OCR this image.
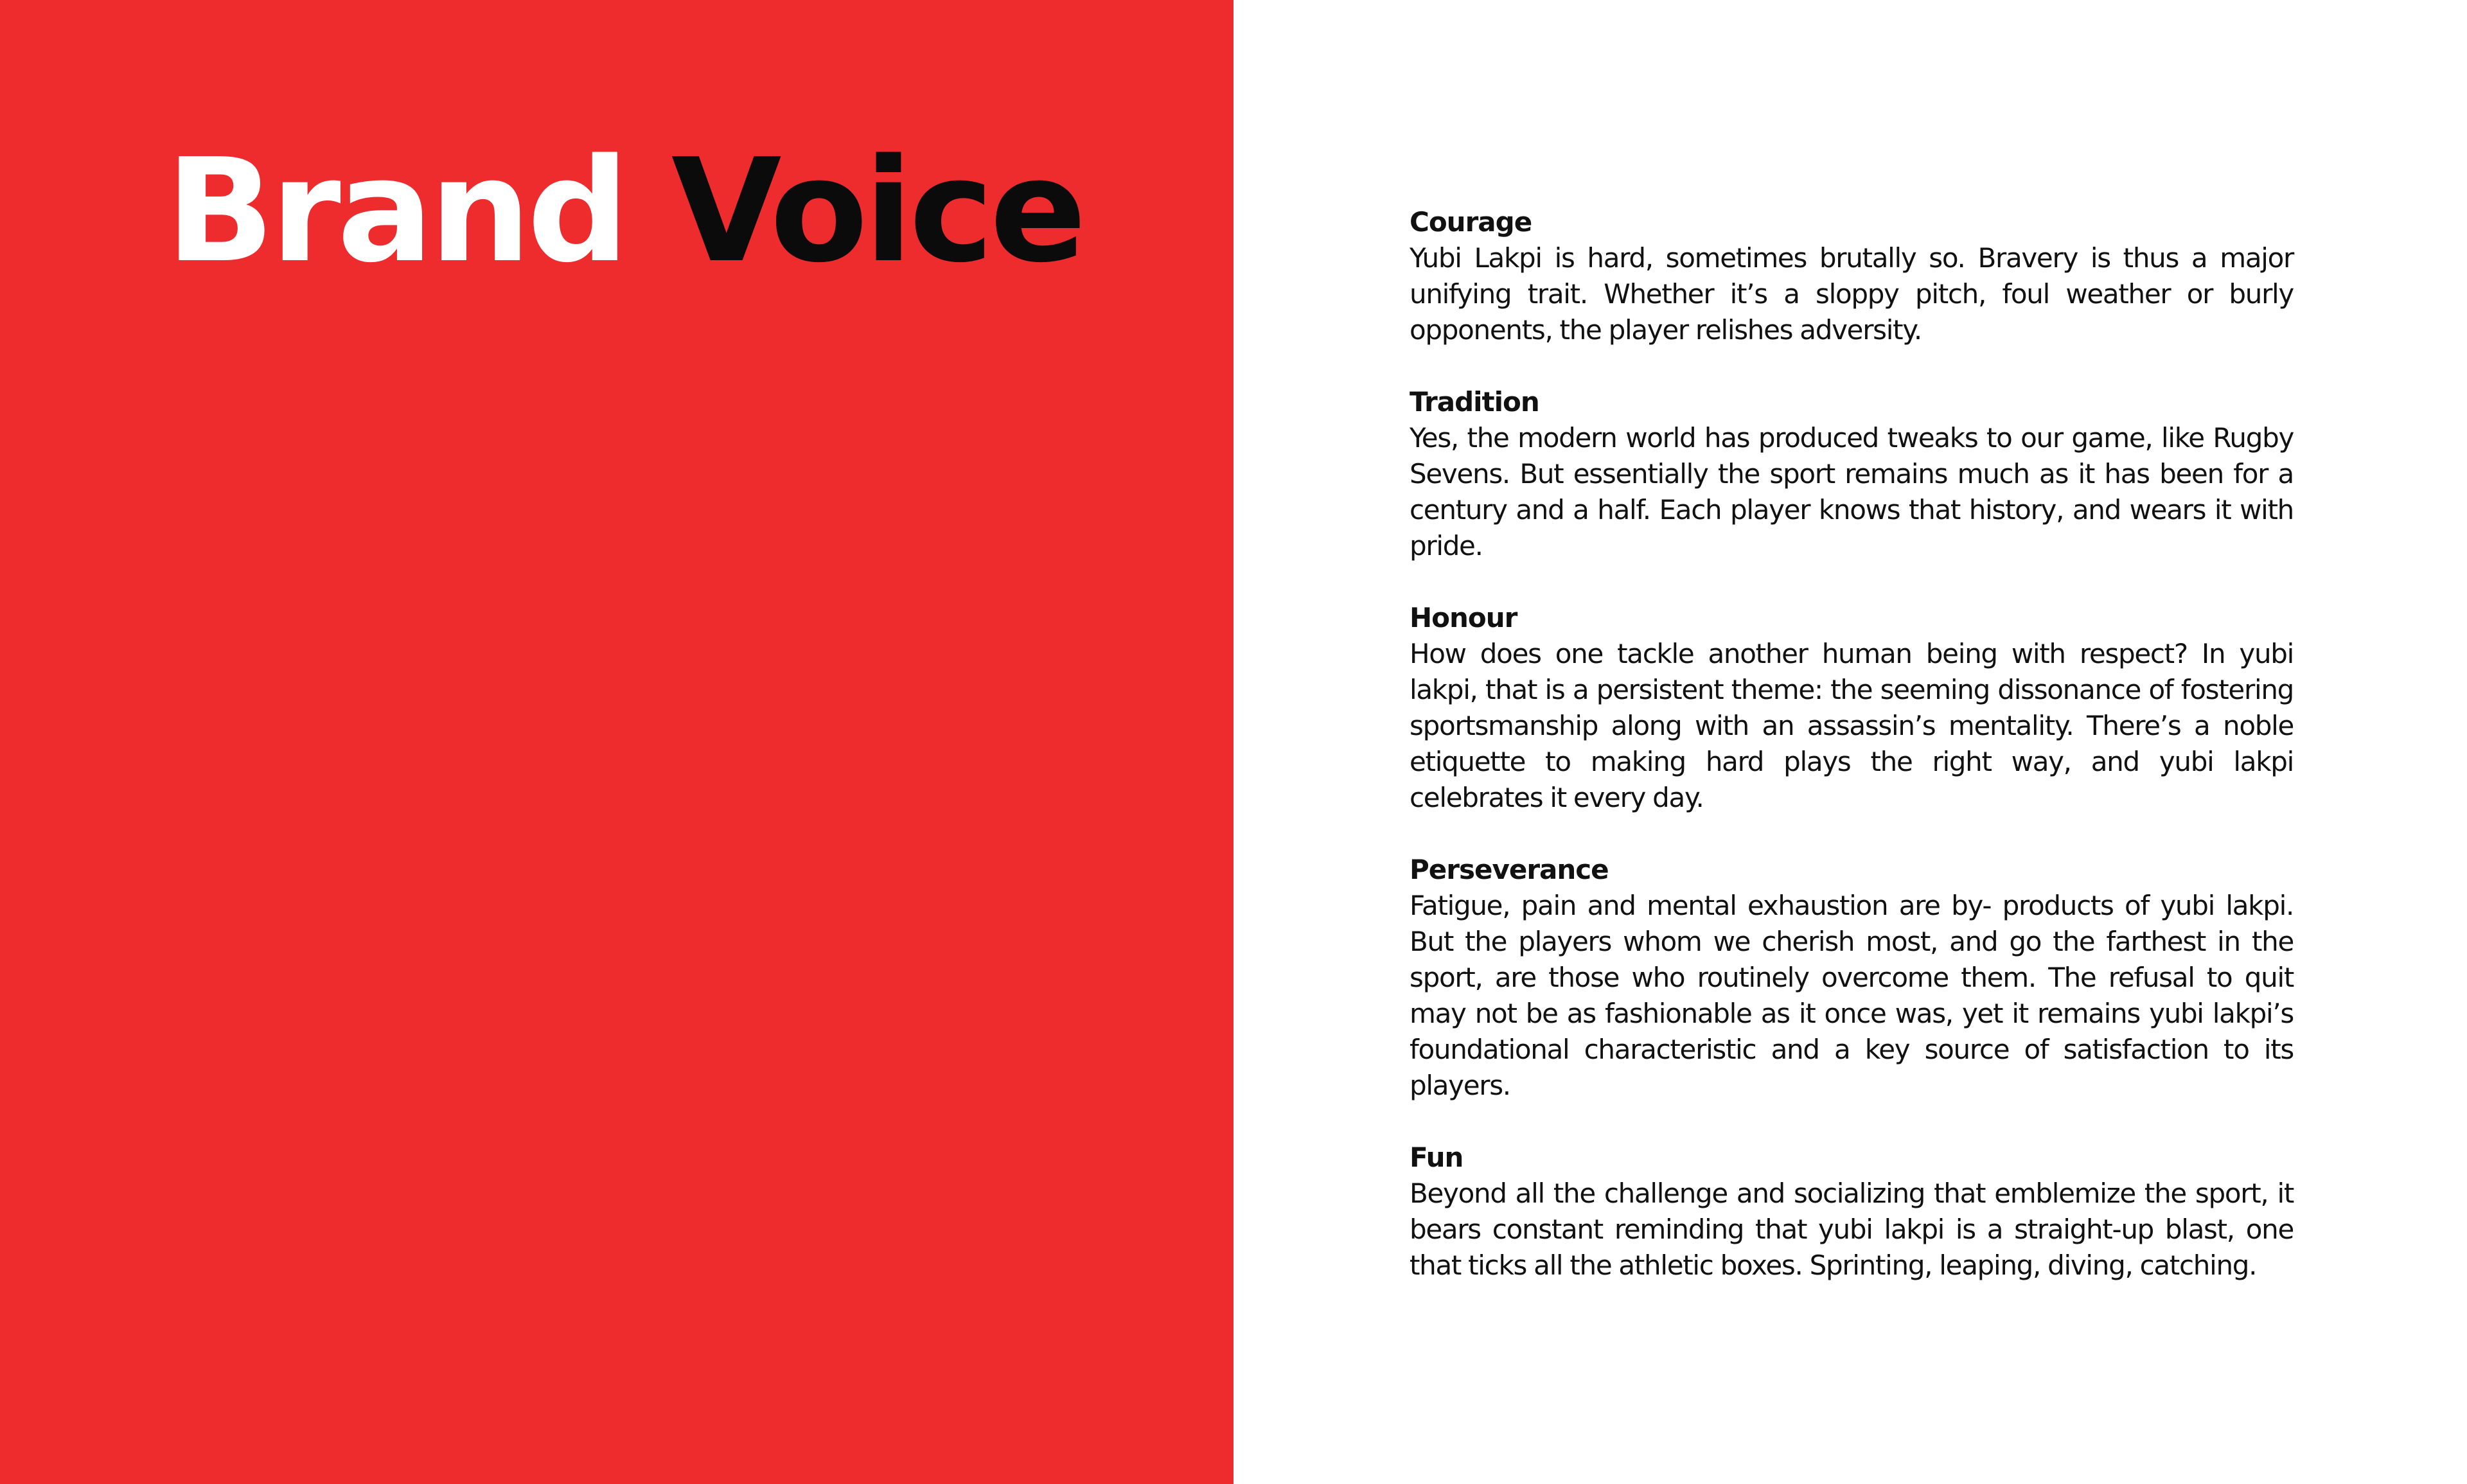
Brand Voice	Courage
Yubi Lakpi is hard, sometimes brutally so. Bravery is thus a major unifying trait. Whether it’s a sloppy pitch, foul weather or burly opponents, the player relishes adversity.
Tradition
Yes, the modern world has produced tweaks to our game, like Rugby Sevens. But essentially the sport remains much as it has been for a century and a half. Each player knows that history, and wears it with pride.
Honour
How does one tackle another human being with respect? In yubi lakpi, that is a persistent theme: the seeming dissonance of fostering sportsmanship along with an assassin’s mentality. There’s a noble etiquette to making hard plays the right way, and yubi lakpi celebrates it every day.
Perseverance
Fatigue, pain and mental exhaustion are by- products of yubi lakpi. But the players whom we cherish most, and go the farthest in the sport, are those who routinely overcome them. The refusal to quit may not be as fashionable as it once was, yet it remains yubi lakpi’s foundational characteristic and a key source of satisfaction to its players.
Fun
Beyond all the challenge and socializing that emblemize the sport, it bears constant reminding that yubi lakpi is a straight-up blast, one that ticks all the athletic boxes. Sprinting, leaping, diving, catching.
